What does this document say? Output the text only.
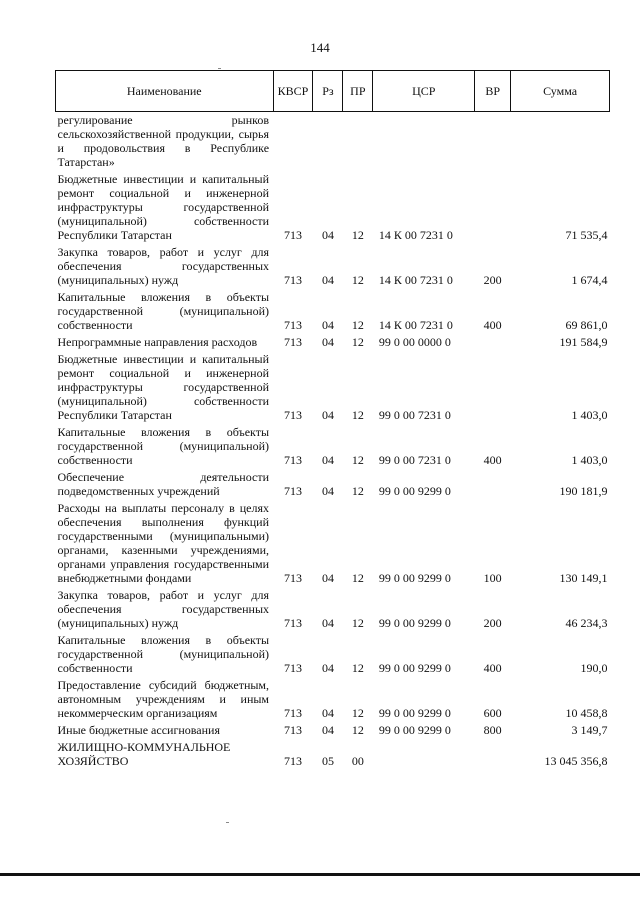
144
Наименование	КВСР	Рз	ПР	ЦСР	ВР	Сумма
регулирование рынков сельскохозяйственной продукции, сырья и продовольствия в Республике Татарстан»						
Бюджетные инвестиции и капитальный ремонт социальной и инженерной инфраструктуры государственной (муниципальной) собственности Республики Татарстан	713	04	12	14 К 00 7231 0		71 535,4
Закупка товаров, работ и услуг для обеспечения государственных (муниципальных) нужд	713	04	12	14 К 00 7231 0	200	1 674,4
Капитальные вложения в объекты государственной (муниципальной) собственности	713	04	12	14 К 00 7231 0	400	69 861,0
Непрограммные направления расходов	713	04	12	99 0 00 0000 0		191 584,9
Бюджетные инвестиции и капитальный ремонт социальной и инженерной инфраструктуры государственной (муниципальной) собственности Республики Татарстан	713	04	12	99 0 00 7231 0		1 403,0
Капитальные вложения в объекты государственной (муниципальной) собственности	713	04	12	99 0 00 7231 0	400	1 403,0
Обеспечение деятельности подведомственных учреждений	713	04	12	99 0 00 9299 0		190 181,9
Расходы на выплаты персоналу в целях обеспечения выполнения функций государственными (муниципальными) органами, казенными учреждениями, органами управления государственными внебюджетными фондами	713	04	12	99 0 00 9299 0	100	130 149,1
Закупка товаров, работ и услуг для обеспечения государственных (муниципальных) нужд	713	04	12	99 0 00 9299 0	200	46 234,3
Капитальные вложения в объекты государственной (муниципальной) собственности	713	04	12	99 0 00 9299 0	400	190,0
Предоставление субсидий бюджетным, автономным учреждениям и иным некоммерческим организациям	713	04	12	99 0 00 9299 0	600	10 458,8
Иные бюджетные ассигнования	713	04	12	99 0 00 9299 0	800	3 149,7
ЖИЛИЩНО-КОММУНАЛЬНОЕ ХОЗЯЙСТВО	713	05	00			13 045 356,8
